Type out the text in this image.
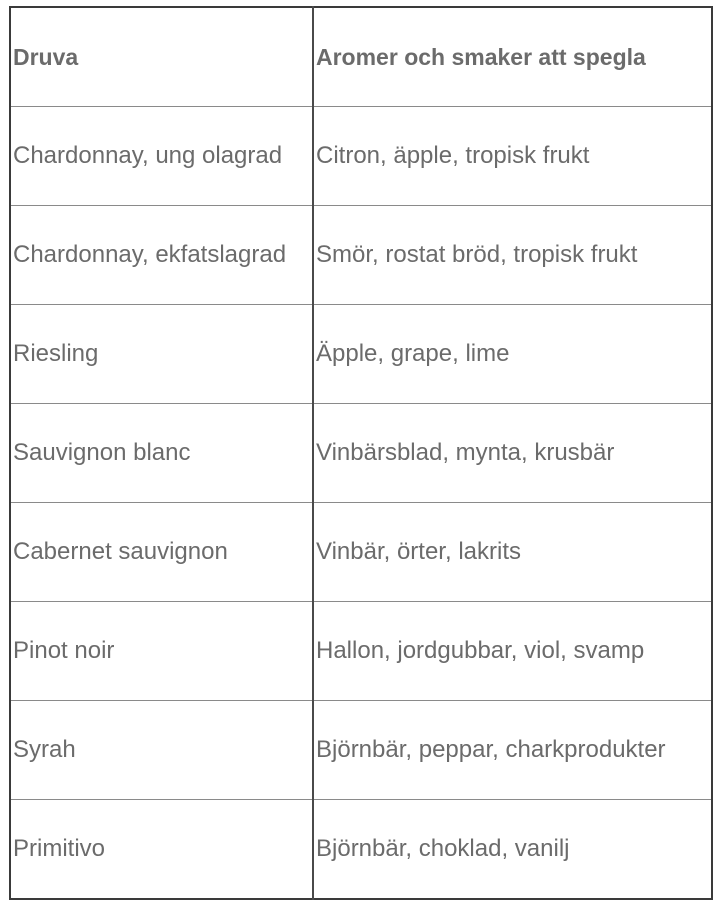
Druva	Aromer och smaker att spegla
Chardonnay, ung olagrad	Citron, äpple, tropisk frukt
Chardonnay, ekfatslagrad	Smör, rostat bröd, tropisk frukt
Riesling	Äpple, grape, lime
Sauvignon blanc	Vinbärsblad, mynta, krusbär
Cabernet sauvignon	Vinbär, örter, lakrits
Pinot noir	Hallon, jordgubbar, viol, svamp
Syrah	Björnbär, peppar, charkprodukter
Primitivo	Björnbär, choklad, vanilj
